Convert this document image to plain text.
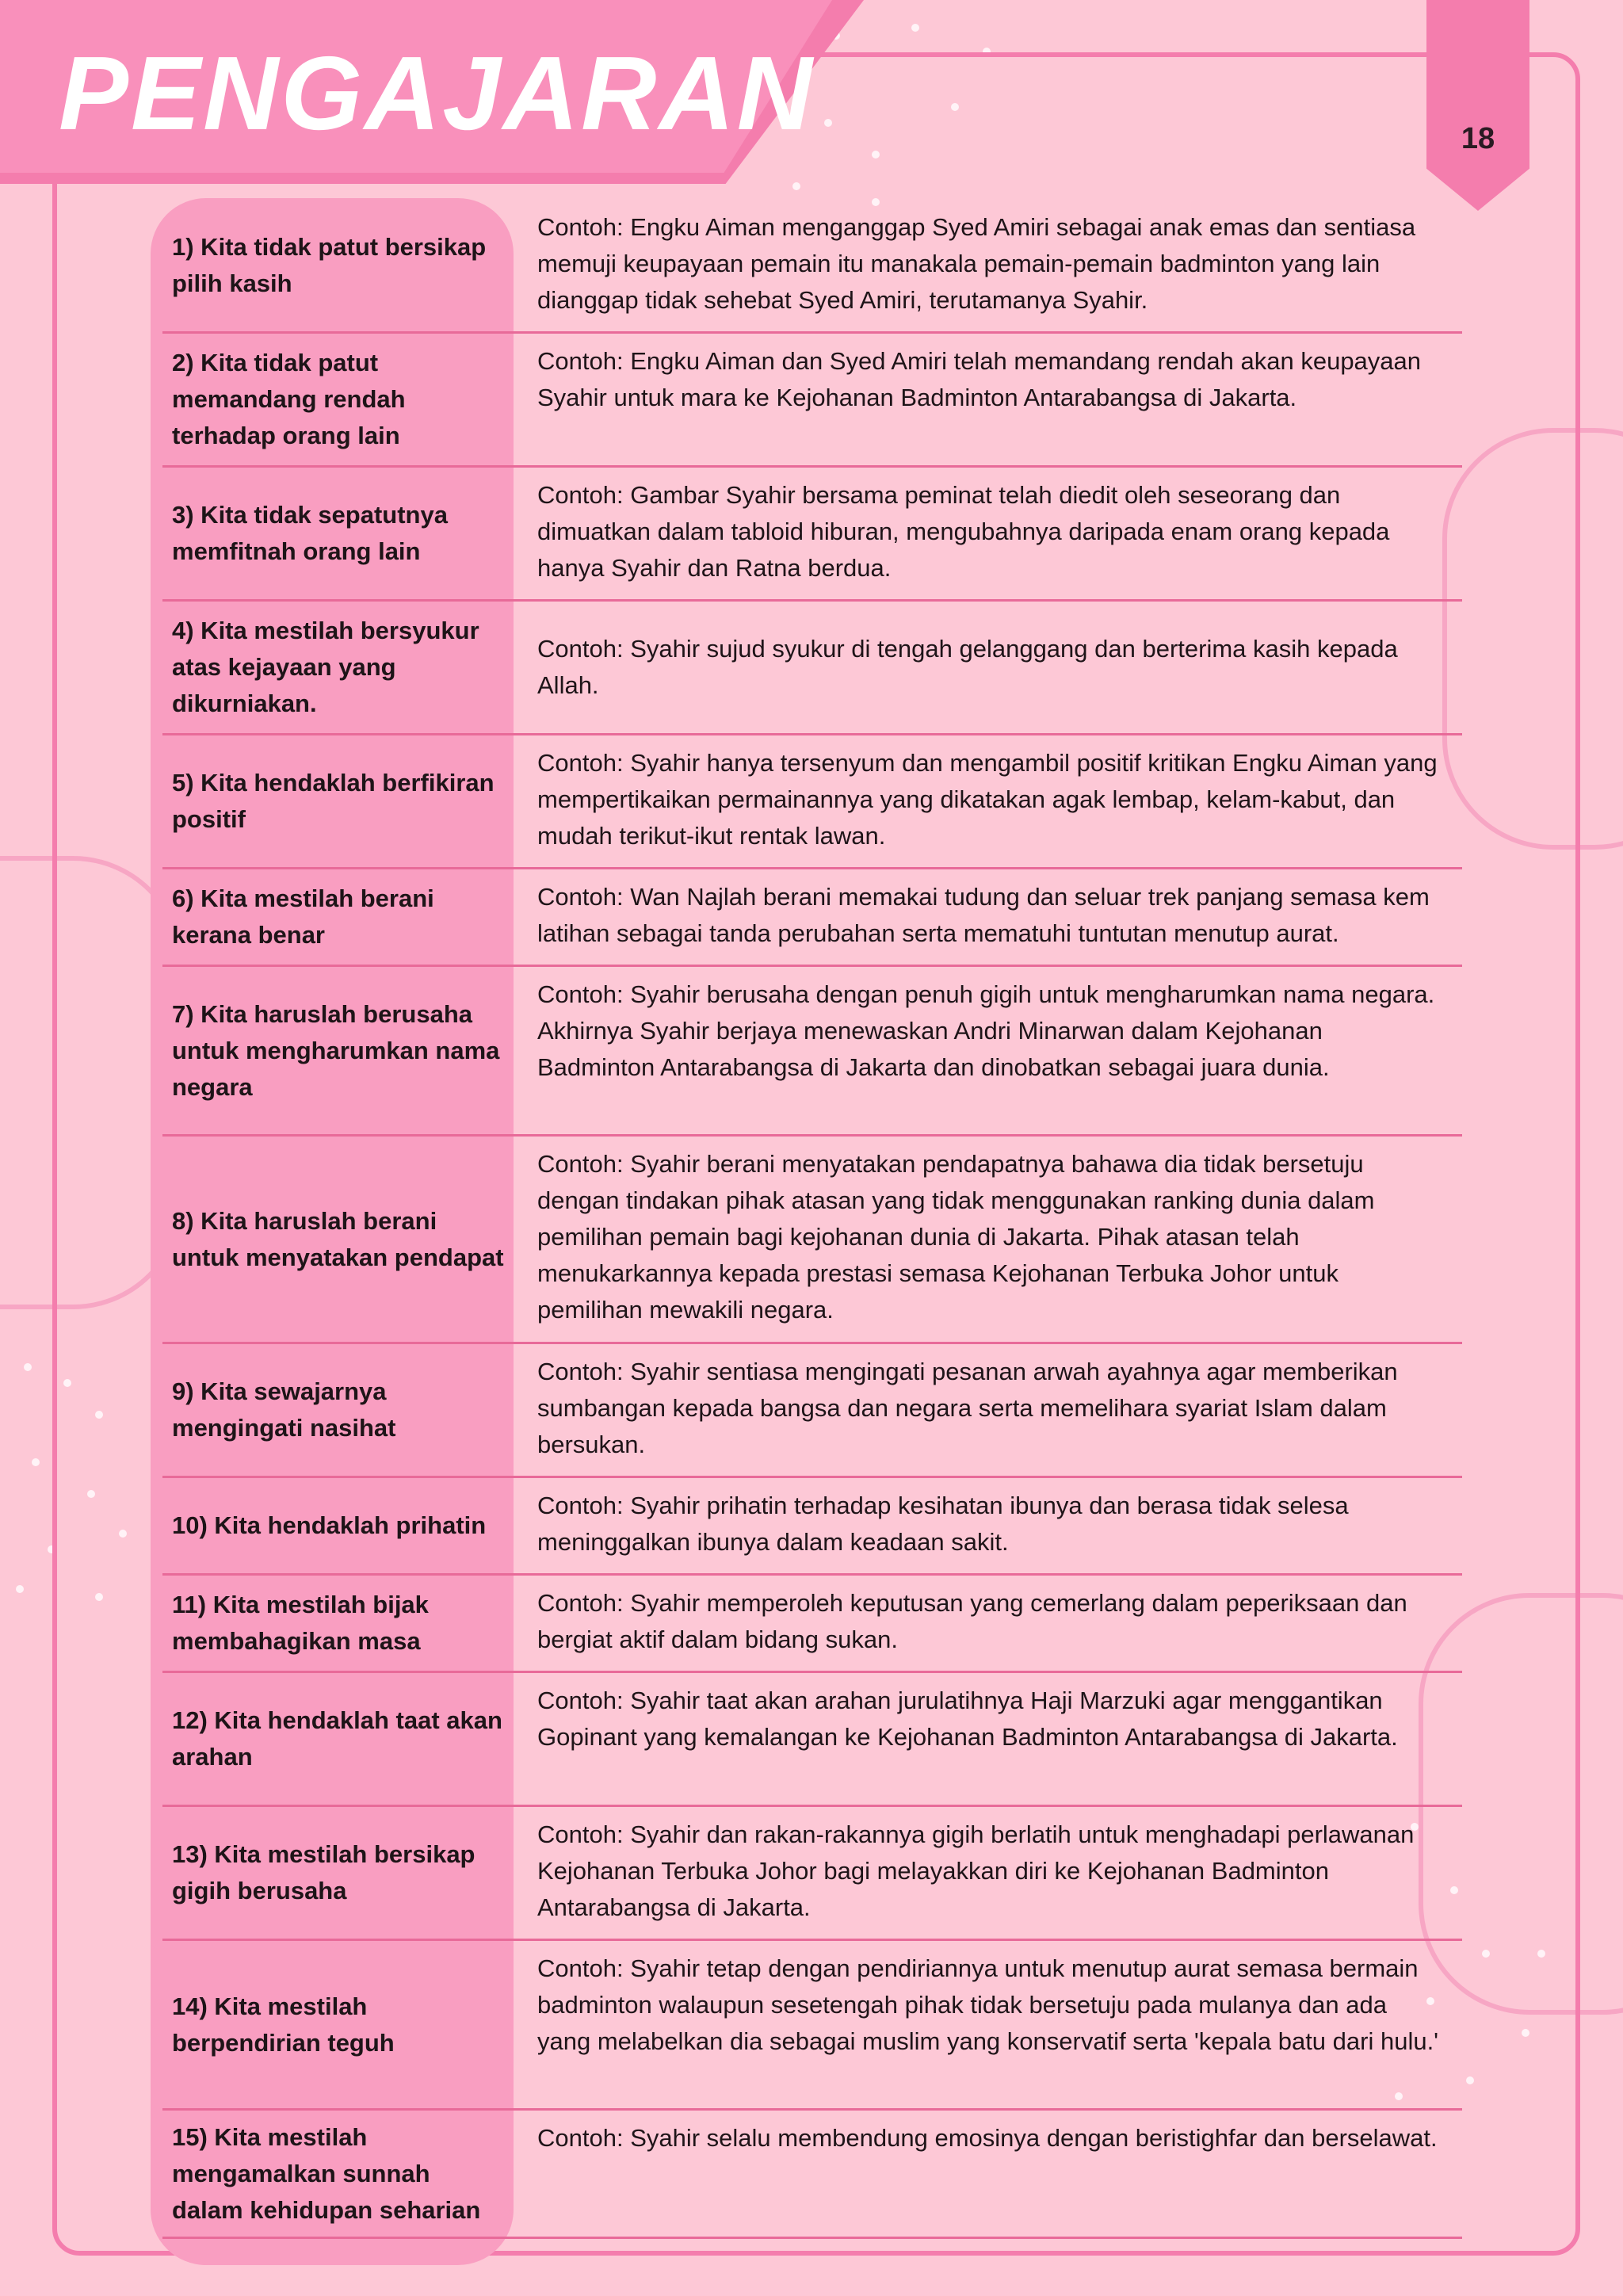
PENGAJARAN	18
1) Kita tidak patut bersikap pilih kasih
Contoh: Engku Aiman menganggap Syed Amiri sebagai anak emas dan sentiasa memuji keupayaan pemain itu manakala pemain-pemain badminton yang lain dianggap tidak sehebat Syed Amiri, terutamanya Syahir.
2) Kita tidak patut memandang rendah terhadap orang lain
Contoh: Engku Aiman dan Syed Amiri telah memandang rendah akan keupayaan Syahir untuk mara ke Kejohanan Badminton Antarabangsa di Jakarta.
3) Kita tidak sepatutnya memfitnah orang lain
Contoh: Gambar Syahir bersama peminat telah diedit oleh seseorang dan dimuatkan dalam tabloid hiburan, mengubahnya daripada enam orang kepada hanya Syahir dan Ratna berdua.
4) Kita mestilah bersyukur atas kejayaan yang dikurniakan.
Contoh: Syahir sujud syukur di tengah gelanggang dan berterima kasih kepada Allah.
5) Kita hendaklah berfikiran positif
Contoh: Syahir hanya tersenyum dan mengambil positif kritikan Engku Aiman yang mempertikaikan permainannya yang dikatakan agak lembap, kelam-kabut, dan mudah terikut-ikut rentak lawan.
6) Kita mestilah berani kerana benar
Contoh: Wan Najlah berani memakai tudung dan seluar trek panjang semasa kem latihan sebagai tanda perubahan serta mematuhi tuntutan menutup aurat.
7) Kita haruslah berusaha untuk mengharumkan nama negara
Contoh: Syahir berusaha dengan penuh gigih untuk mengharumkan nama negara. Akhirnya Syahir berjaya menewaskan Andri Minarwan dalam Kejohanan Badminton Antarabangsa di Jakarta dan dinobatkan sebagai juara dunia.
8) Kita haruslah berani untuk menyatakan pendapat
Contoh: Syahir berani menyatakan pendapatnya bahawa dia tidak bersetuju dengan tindakan pihak atasan yang tidak menggunakan ranking dunia dalam pemilihan pemain bagi kejohanan dunia di Jakarta. Pihak atasan telah menukarkannya kepada prestasi semasa Kejohanan Terbuka Johor untuk pemilihan mewakili negara.
9) Kita sewajarnya mengingati nasihat
Contoh: Syahir sentiasa mengingati pesanan arwah ayahnya agar memberikan sumbangan kepada bangsa dan negara serta memelihara syariat Islam dalam bersukan.
10) Kita hendaklah prihatin
Contoh: Syahir prihatin terhadap kesihatan ibunya dan berasa tidak selesa meninggalkan ibunya dalam keadaan sakit.
11) Kita mestilah bijak membahagikan masa
Contoh: Syahir memperoleh keputusan yang cemerlang dalam peperiksaan dan bergiat aktif dalam bidang sukan.
12) Kita hendaklah taat akan arahan
Contoh: Syahir taat akan arahan jurulatihnya Haji Marzuki agar menggantikan Gopinant yang kemalangan ke Kejohanan Badminton Antarabangsa di Jakarta.
13) Kita mestilah bersikap gigih berusaha
Contoh: Syahir dan rakan-rakannya gigih berlatih untuk menghadapi perlawanan Kejohanan Terbuka Johor bagi melayakkan diri ke Kejohanan Badminton Antarabangsa di Jakarta.
14) Kita mestilah berpendirian teguh
Contoh: Syahir tetap dengan pendiriannya untuk menutup aurat semasa bermain badminton walaupun sesetengah pihak tidak bersetuju pada mulanya dan ada yang melabelkan dia sebagai muslim yang konservatif serta 'kepala batu dari hulu.'
15) Kita mestilah mengamalkan sunnah dalam kehidupan seharian
Contoh: Syahir selalu membendung emosinya dengan beristighfar dan berselawat.
